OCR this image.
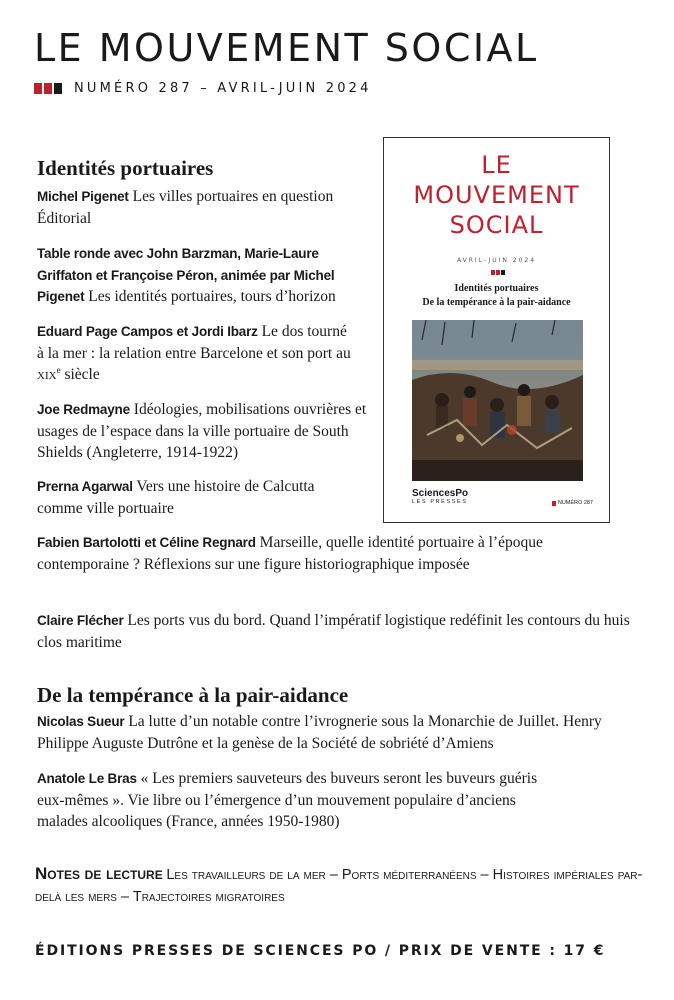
LE MOUVEMENT SOCIAL
NUMÉRO 287 – AVRIL-JUIN 2024
Identités portuaires
Michel Pigenet Les villes portuaires en question Éditorial
Table ronde avec John Barzman, Marie-Laure Griffaton et Françoise Péron, animée par Michel Pigenet Les identités portuaires, tours d’horizon
Eduard Page Campos et Jordi Ibarz Le dos tourné à la mer : la relation entre Barcelone et son port au xix$^e$ siècle
Joe Redmayne Idéologies, mobilisations ouvrières et usages de l’espace dans la ville portuaire de South Shields (Angleterre, 1914-1922)
Prerna Agarwal Vers une histoire de Calcutta comme ville portuaire
Fabien Bartolotti et Céline Regnard Marseille, quelle identité portuaire à l’époque contemporaine ? Réflexions sur une figure historiographique imposée
Claire Flécher Les ports vus du bord. Quand l’impératif logistique redéfinit les contours du huis clos maritime
De la tempérance à la pair-aidance
Nicolas Sueur La lutte d’un notable contre l’ivrognerie sous la Monarchie de Juillet. Henry Philippe Auguste Dutrône et la genèse de la Société de sobriété d’Amiens
Anatole Le Bras « Les premiers sauveteurs des buveurs seront les buveurs guéris eux-mêmes ». Vie libre ou l’émergence d’un mouvement populaire d’anciens malades alcooliques (France, années 1950-1980)
LE
MOUVEMENT
SOCIAL
AVRIL-JUIN 2024
Identités portuaires
De la tempérance à la pair-aidance
SciencesPo
LES PRESSES	NUMÉRO 287
Notes de lecture Les travailleurs de la mer – Ports méditerranéens – Histoires impériales par-delà les mers – Trajectoires migratoires
ÉDITIONS PRESSES DE SCIENCES PO / PRIX DE VENTE : 17 €
